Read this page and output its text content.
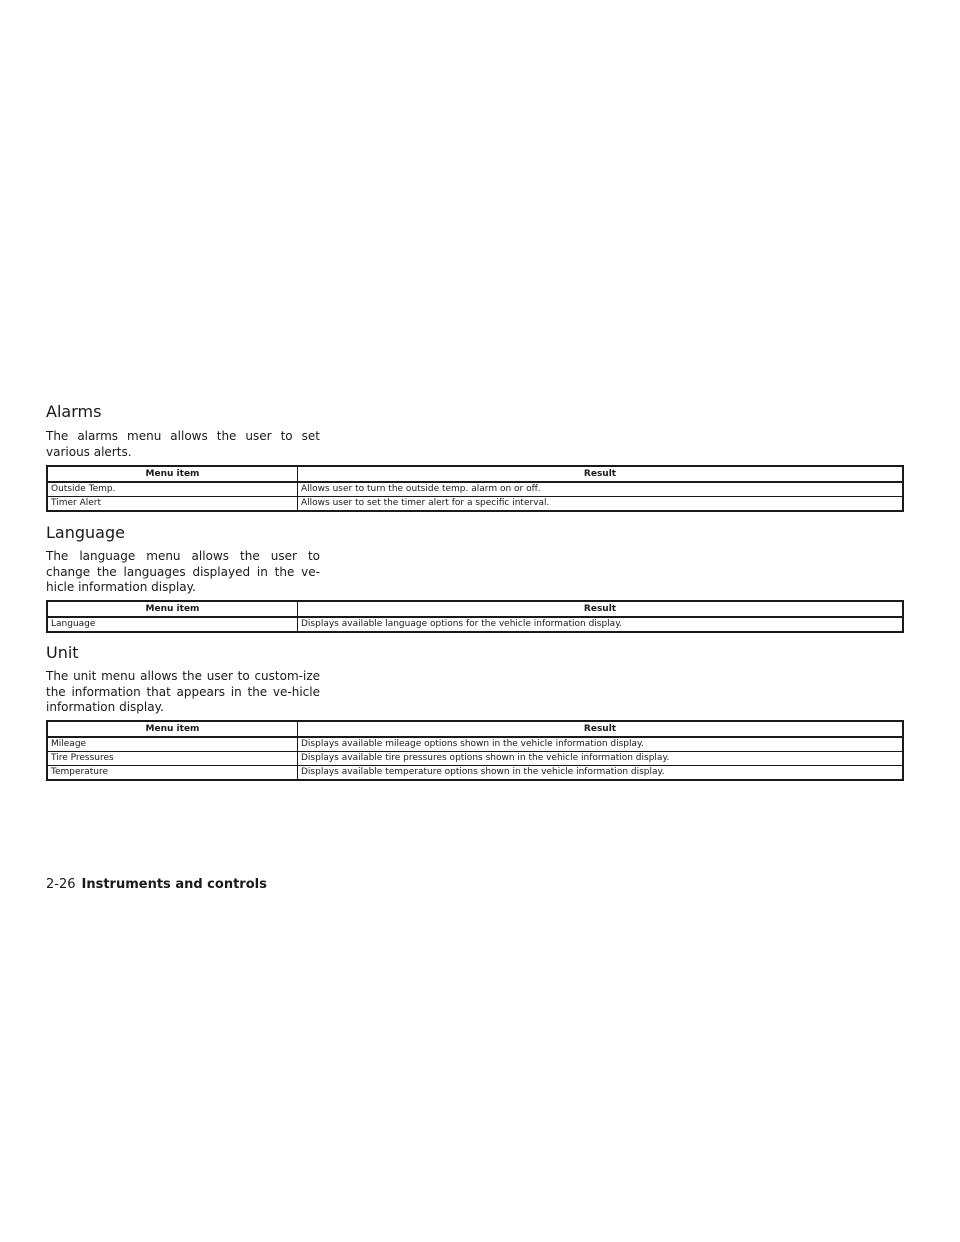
Alarms

The alarms menu allows the user to set various alerts.

Menu item	Result
Outside Temp.	Allows user to turn the outside temp. alarm on or off.
Timer Alert	Allows user to set the timer alert for a specific interval.
Language

The language menu allows the user to change the languages displayed in the ve-hicle information display.

Menu item	Result
Language	Displays available language options for the vehicle information display.
Unit

The unit menu allows the user to custom-ize the information that appears in the ve-hicle information display.

Menu item	Result
Mileage	Displays available mileage options shown in the vehicle information display.
Tire Pressures	Displays available tire pressures options shown in the vehicle information display.
Temperature	Displays available temperature options shown in the vehicle information display.
2-26 Instruments and controls
